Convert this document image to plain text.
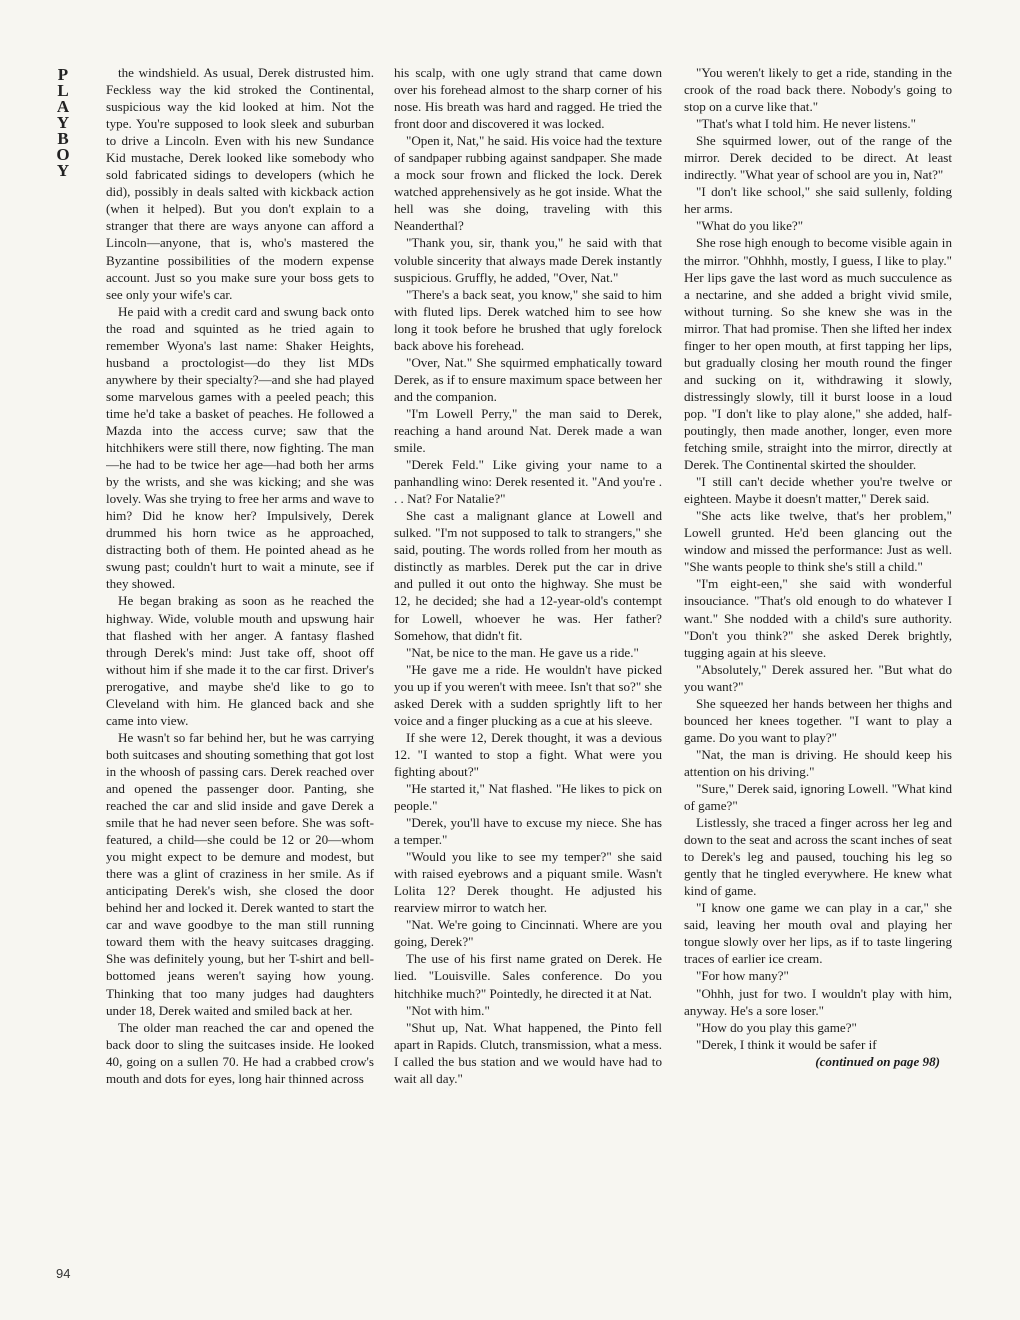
P
L
A
Y
B
O
Y

the windshield. As usual, Derek distrusted him. Feckless way the kid stroked the Continental, suspicious way the kid looked at him. Not the type. You're supposed to look sleek and suburban to drive a Lincoln. Even with his new Sundance Kid mustache, Derek looked like somebody who sold fabricated sidings to developers (which he did), possibly in deals salted with kickback action (when it helped). But you don't explain to a stranger that there are ways anyone can afford a Lincoln—anyone, that is, who's mastered the Byzantine possibilities of the modern expense account. Just so you make sure your boss gets to see only your wife's car.

He paid with a credit card and swung back onto the road and squinted as he tried again to remember Wyona's last name: Shaker Heights, husband a proctologist—do they list MDs anywhere by their specialty?—and she had played some marvelous games with a peeled peach; this time he'd take a basket of peaches. He followed a Mazda into the access curve; saw that the hitchhikers were still there, now fighting. The man—he had to be twice her age—had both her arms by the wrists, and she was kicking; and she was lovely. Was she trying to free her arms and wave to him? Did he know her? Impulsively, Derek drummed his horn twice as he approached, distracting both of them. He pointed ahead as he swung past; couldn't hurt to wait a minute, see if they showed.

He began braking as soon as he reached the highway. Wide, voluble mouth and upswung hair that flashed with her anger. A fantasy flashed through Derek's mind: Just take off, shoot off without him if she made it to the car first. Driver's prerogative, and maybe she'd like to go to Cleveland with him. He glanced back and she came into view.

He wasn't so far behind her, but he was carrying both suitcases and shouting something that got lost in the whoosh of passing cars. Derek reached over and opened the passenger door. Panting, she reached the car and slid inside and gave Derek a smile that he had never seen before. She was soft-featured, a child—she could be 12 or 20—whom you might expect to be demure and modest, but there was a glint of craziness in her smile. As if anticipating Derek's wish, she closed the door behind her and locked it. Derek wanted to start the car and wave goodbye to the man still running toward them with the heavy suitcases dragging. She was definitely young, but her T-shirt and bell-bottomed jeans weren't saying how young. Thinking that too many judges had daughters under 18, Derek waited and smiled back at her.

The older man reached the car and opened the back door to sling the suitcases inside. He looked 40, going on a sullen 70. He had a crabbed crow's mouth and dots for eyes, long hair thinned across

his scalp, with one ugly strand that came down over his forehead almost to the sharp corner of his nose. His breath was hard and ragged. He tried the front door and discovered it was locked.

"Open it, Nat," he said. His voice had the texture of sandpaper rubbing against sandpaper. She made a mock sour frown and flicked the lock. Derek watched apprehensively as he got inside. What the hell was she doing, traveling with this Neanderthal?

"Thank you, sir, thank you," he said with that voluble sincerity that always made Derek instantly suspicious. Gruffly, he added, "Over, Nat."

"There's a back seat, you know," she said to him with fluted lips. Derek watched him to see how long it took before he brushed that ugly forelock back above his forehead.

"Over, Nat." She squirmed emphatically toward Derek, as if to ensure maximum space between her and the companion.

"I'm Lowell Perry," the man said to Derek, reaching a hand around Nat. Derek made a wan smile.

"Derek Feld." Like giving your name to a panhandling wino: Derek resented it. "And you're . . . Nat? For Natalie?"

She cast a malignant glance at Lowell and sulked. "I'm not supposed to talk to strangers," she said, pouting. The words rolled from her mouth as distinctly as marbles. Derek put the car in drive and pulled it out onto the highway. She must be 12, he decided; she had a 12-year-old's contempt for Lowell, whoever he was. Her father? Somehow, that didn't fit.

"Nat, be nice to the man. He gave us a ride."

"He gave me a ride. He wouldn't have picked you up if you weren't with meee. Isn't that so?" she asked Derek with a sudden sprightly lift to her voice and a finger plucking as a cue at his sleeve.

If she were 12, Derek thought, it was a devious 12. "I wanted to stop a fight. What were you fighting about?"

"He started it," Nat flashed. "He likes to pick on people."

"Derek, you'll have to excuse my niece. She has a temper."

"Would you like to see my temper?" she said with raised eyebrows and a piquant smile. Wasn't Lolita 12? Derek thought. He adjusted his rearview mirror to watch her.

"Nat. We're going to Cincinnati. Where are you going, Derek?"

The use of his first name grated on Derek. He lied. "Louisville. Sales conference. Do you hitchhike much?" Pointedly, he directed it at Nat.

"Not with him."

"Shut up, Nat. What happened, the Pinto fell apart in Rapids. Clutch, transmission, what a mess. I called the bus station and we would have had to wait all day."

"You weren't likely to get a ride, standing in the crook of the road back there. Nobody's going to stop on a curve like that."

"That's what I told him. He never listens."

She squirmed lower, out of the range of the mirror. Derek decided to be direct. At least indirectly. "What year of school are you in, Nat?"

"I don't like school," she said sullenly, folding her arms.

"What do you like?"

She rose high enough to become visible again in the mirror. "Ohhhh, mostly, I guess, I like to play." Her lips gave the last word as much succulence as a nectarine, and she added a bright vivid smile, without turning. So she knew she was in the mirror. That had promise. Then she lifted her index finger to her open mouth, at first tapping her lips, but gradually closing her mouth round the finger and sucking on it, withdrawing it slowly, distressingly slowly, till it burst loose in a loud pop. "I don't like to play alone," she added, half-poutingly, then made another, longer, even more fetching smile, straight into the mirror, directly at Derek. The Continental skirted the shoulder.

"I still can't decide whether you're twelve or eighteen. Maybe it doesn't matter," Derek said.

"She acts like twelve, that's her problem," Lowell grunted. He'd been glancing out the window and missed the performance: Just as well. "She wants people to think she's still a child."

"I'm eight-een," she said with wonderful insouciance. "That's old enough to do whatever I want." She nodded with a child's sure authority. "Don't you think?" she asked Derek brightly, tugging again at his sleeve.

"Absolutely," Derek assured her. "But what do you want?"

She squeezed her hands between her thighs and bounced her knees together. "I want to play a game. Do you want to play?"

"Nat, the man is driving. He should keep his attention on his driving."

"Sure," Derek said, ignoring Lowell. "What kind of game?"

Listlessly, she traced a finger across her leg and down to the seat and across the scant inches of seat to Derek's leg and paused, touching his leg so gently that he tingled everywhere. He knew what kind of game.

"I know one game we can play in a car," she said, leaving her mouth oval and playing her tongue slowly over her lips, as if to taste lingering traces of earlier ice cream.

"For how many?"

"Ohhh, just for two. I wouldn't play with him, anyway. He's a sore loser."

"How do you play this game?"

"Derek, I think it would be safer if

(continued on page 98)
94
